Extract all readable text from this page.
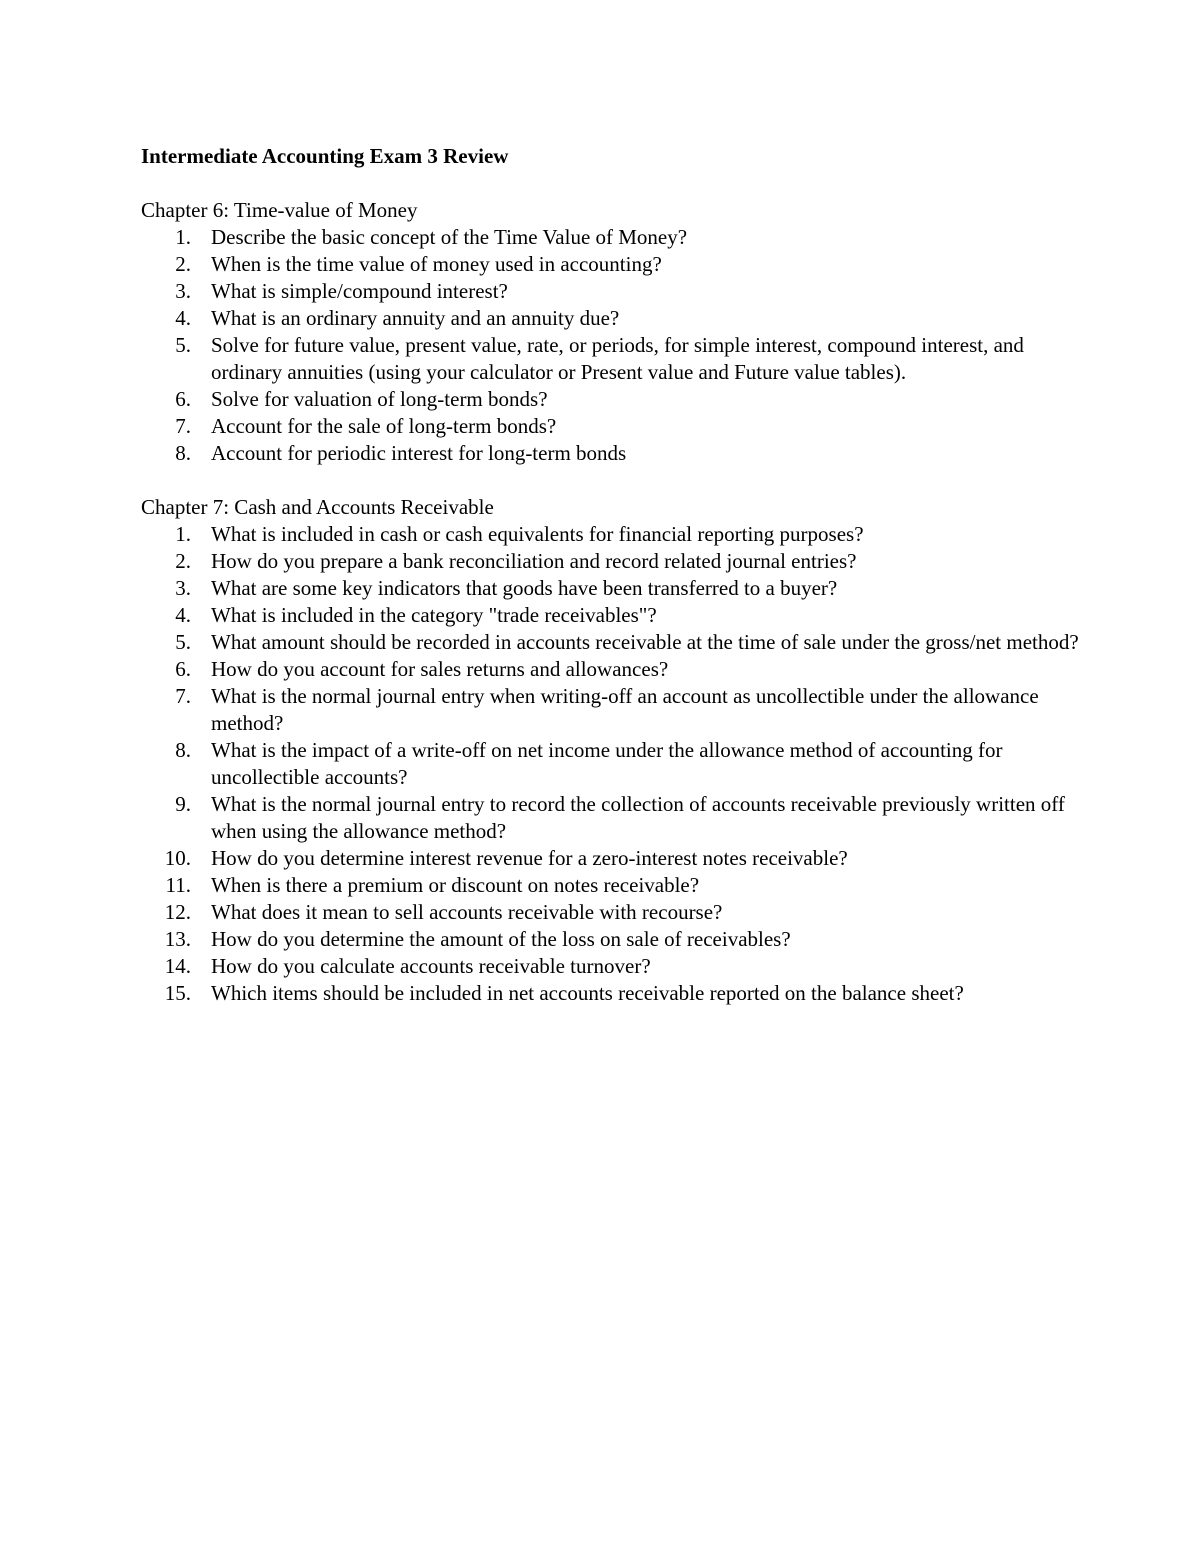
Intermediate Accounting Exam 3 Review
Chapter 6: Time-value of Money
1. Describe the basic concept of the Time Value of Money?
2. When is the time value of money used in accounting?
3. What is simple/compound interest?
4. What is an ordinary annuity and an annuity due?
5. Solve for future value, present value, rate, or periods, for simple interest, compound interest, and ordinary annuities (using your calculator or Present value and Future value tables).
6. Solve for valuation of long-term bonds?
7. Account for the sale of long-term bonds?
8. Account for periodic interest for long-term bonds
Chapter 7: Cash and Accounts Receivable
1. What is included in cash or cash equivalents for financial reporting purposes?
2. How do you prepare a bank reconciliation and record related journal entries?
3. What are some key indicators that goods have been transferred to a buyer?
4. What is included in the category "trade receivables"?
5. What amount should be recorded in accounts receivable at the time of sale under the gross/net method?
6. How do you account for sales returns and allowances?
7. What is the normal journal entry when writing-off an account as uncollectible under the allowance method?
8. What is the impact of a write-off on net income under the allowance method of accounting for uncollectible accounts?
9. What is the normal journal entry to record the collection of accounts receivable previously written off when using the allowance method?
10. How do you determine interest revenue for a zero-interest notes receivable?
11. When is there a premium or discount on notes receivable?
12. What does it mean to sell accounts receivable with recourse?
13. How do you determine the amount of the loss on sale of receivables?
14. How do you calculate accounts receivable turnover?
15. Which items should be included in net accounts receivable reported on the balance sheet?
